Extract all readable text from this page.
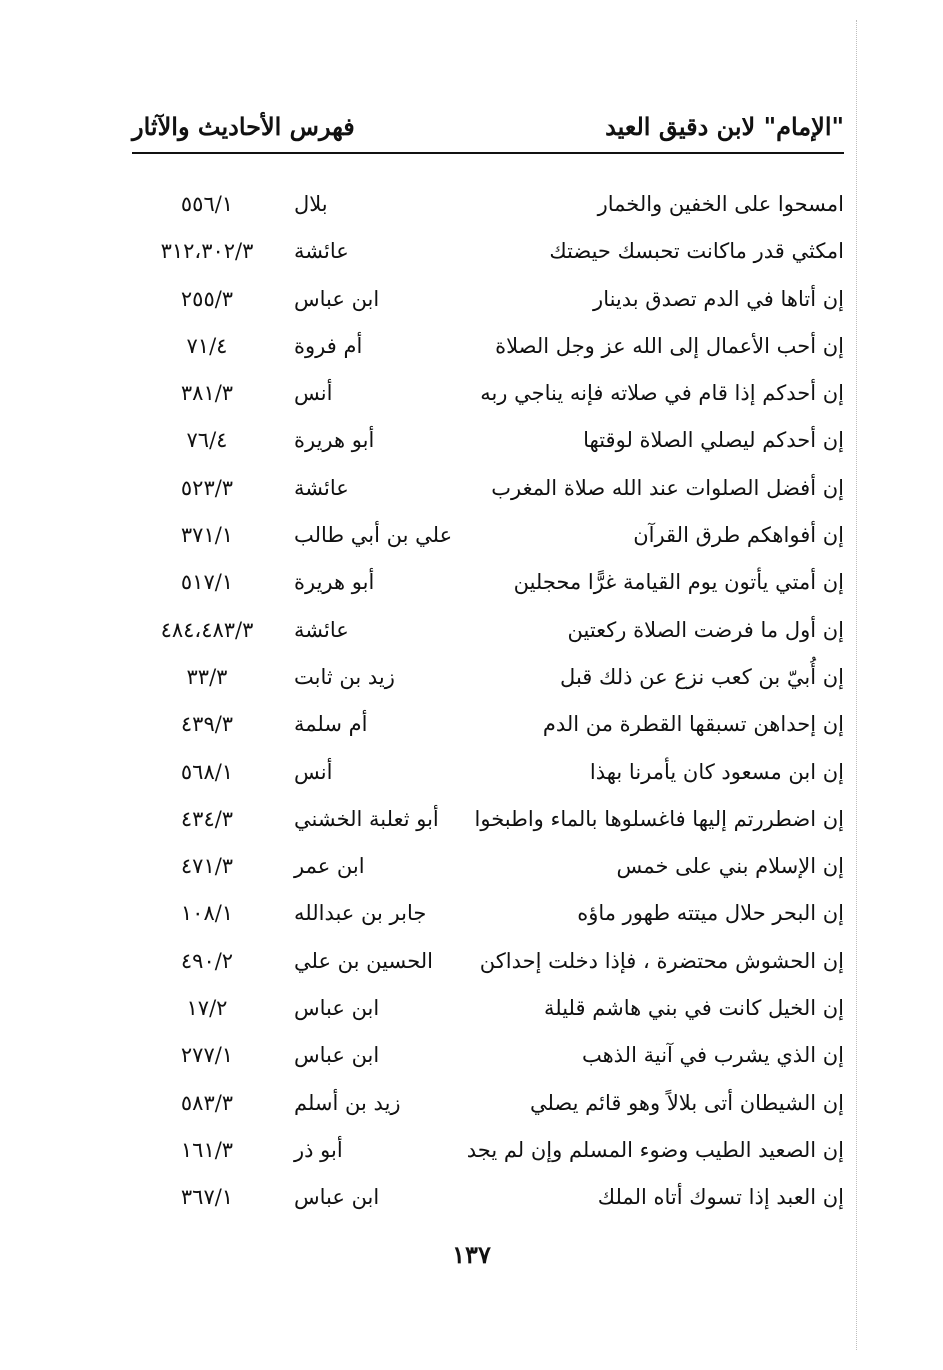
"الإمام" لابن دقيق العيد
فهرس الأحاديث والآثار
امسحوا على الخفين والخمار
بلال
٥٥٦/١
امكثي قدر ماكانت تحبسك حيضتك
عائشة
٣١٢،٣٠٢/٣
إن أتاها في الدم تصدق بدينار
ابن عباس
٢٥٥/٣
إن أحب الأعمال إلى الله عز وجل الصلاة
أم فروة
٧١/٤
إن أحدكم إذا قام في صلاته فإنه يناجي ربه
أنس
٣٨١/٣
إن أحدكم ليصلي الصلاة لوقتها
أبو هريرة
٧٦/٤
إن أفضل الصلوات عند الله صلاة المغرب
عائشة
٥٢٣/٣
إن أفواهكم طرق القرآن
علي بن أبي طالب
٣٧١/١
إن أمتي يأتون يوم القيامة غرًّا محجلين
أبو هريرة
٥١٧/١
إن أول ما فرضت الصلاة ركعتين
عائشة
٤٨٤،٤٨٣/٣
إن أُبيّ بن كعب نزع عن ذلك قبل
زيد بن ثابت
٣٣/٣
إن إحداهن تسبقها القطرة من الدم
أم سلمة
٤٣٩/٣
إن ابن مسعود كان يأمرنا بهذا
أنس
٥٦٨/١
إن اضطررتم إليها فاغسلوها بالماء واطبخوا
أبو ثعلبة الخشني
٤٣٤/٣
إن الإسلام بني على خمس
ابن عمر
٤٧١/٣
إن البحر حلال ميتته طهور ماؤه
جابر بن عبدالله
١٠٨/١
إن الحشوش محتضرة ، فإذا دخلت إحداكن
الحسين بن علي
٤٩٠/٢
إن الخيل كانت في بني هاشم قليلة
ابن عباس
١٧/٢
إن الذي يشرب في آنية الذهب
ابن عباس
٢٧٧/١
إن الشيطان أتى بلالاً وهو قائم يصلي
زيد بن أسلم
٥٨٣/٣
إن الصعيد الطيب وضوء المسلم وإن لم يجد
أبو ذر
١٦١/٣
إن العبد إذا تسوك أتاه الملك
ابن عباس
٣٦٧/١
١٣٧
